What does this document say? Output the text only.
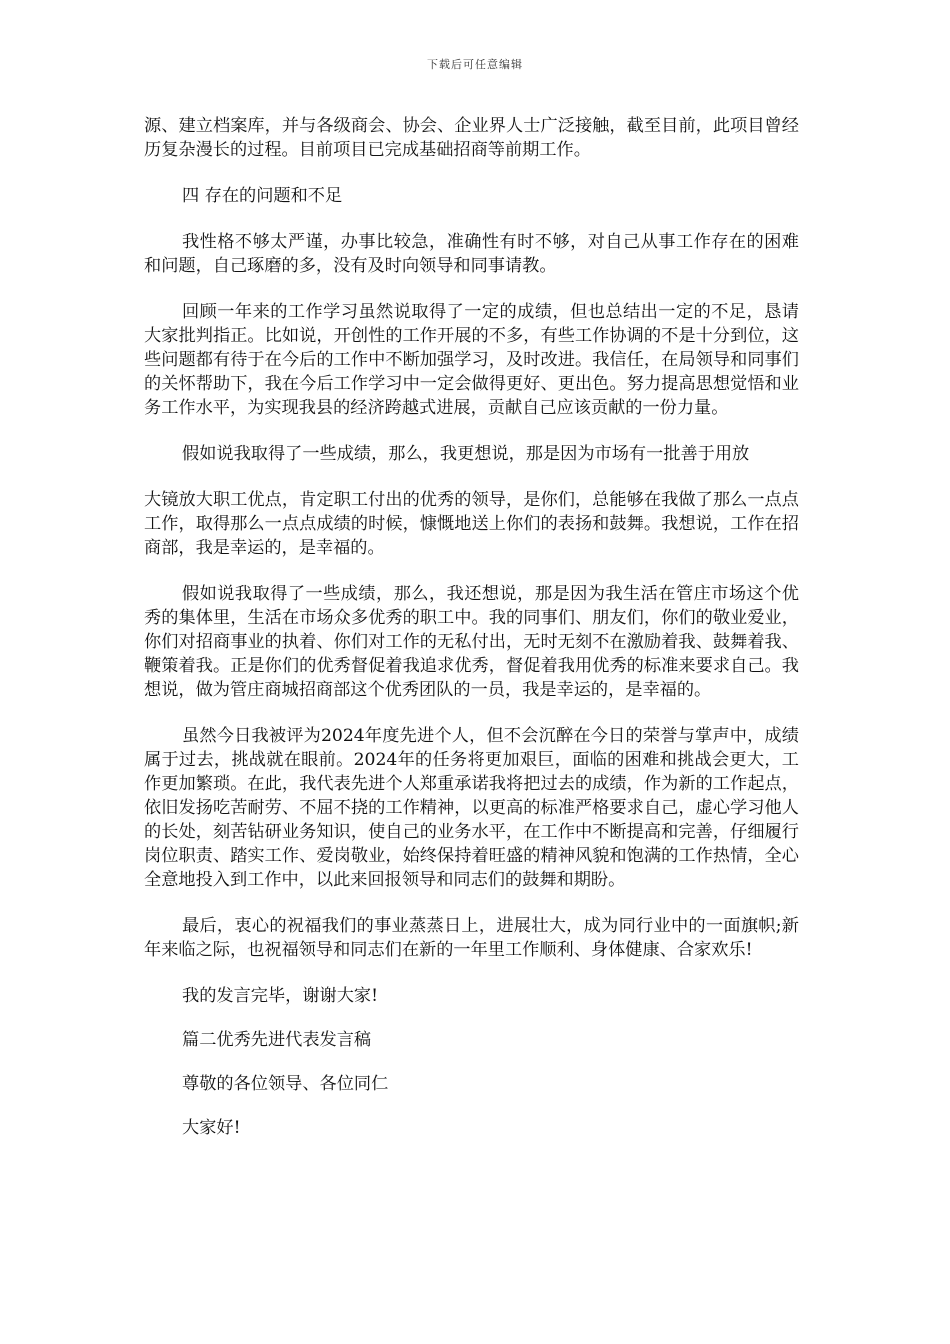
下载后可任意编辑

源、建立档案库，并与各级商会、协会、企业界人士广泛接触，截至目前，此项目曾经历复杂漫长的过程。目前项目已完成基础招商等前期工作。

四 存在的问题和不足

我性格不够太严谨，办事比较急，准确性有时不够，对自己从事工作存在的困难和问题，自己琢磨的多，没有及时向领导和同事请教。

回顾一年来的工作学习虽然说取得了一定的成绩，但也总结出一定的不足，恳请大家批判指正。比如说，开创性的工作开展的不多，有些工作协调的不是十分到位，这些问题都有待于在今后的工作中不断加强学习，及时改进。我信任，在局领导和同事们的关怀帮助下，我在今后工作学习中一定会做得更好、更出色。努力提高思想觉悟和业务工作水平，为实现我县的经济跨越式进展，贡献自己应该贡献的一份力量。

假如说我取得了一些成绩，那么，我更想说，那是因为市场有一批善于用放

大镜放大职工优点，肯定职工付出的优秀的领导，是你们，总能够在我做了那么一点点工作，取得那么一点点成绩的时候，慷慨地送上你们的表扬和鼓舞。我想说，工作在招商部，我是幸运的，是幸福的。

假如说我取得了一些成绩，那么，我还想说，那是因为我生活在管庄市场这个优秀的集体里，生活在市场众多优秀的职工中。我的同事们、朋友们，你们的敬业爱业，你们对招商事业的执着、你们对工作的无私付出，无时无刻不在激励着我、鼓舞着我、鞭策着我。正是你们的优秀督促着我追求优秀，督促着我用优秀的标准来要求自己。我想说，做为管庄商城招商部这个优秀团队的一员，我是幸运的，是幸福的。

虽然今日我被评为2024年度先进个人，但不会沉醉在今日的荣誉与掌声中，成绩属于过去，挑战就在眼前。2024年的任务将更加艰巨，面临的困难和挑战会更大，工作更加繁琐。在此，我代表先进个人郑重承诺我将把过去的成绩，作为新的工作起点，依旧发扬吃苦耐劳、不屈不挠的工作精神，以更高的标准严格要求自己，虚心学习他人的长处，刻苦钻研业务知识，使自己的业务水平，在工作中不断提高和完善，仔细履行岗位职责、踏实工作、爱岗敬业，始终保持着旺盛的精神风貌和饱满的工作热情，全心全意地投入到工作中，以此来回报领导和同志们的鼓舞和期盼。

最后，衷心的祝福我们的事业蒸蒸日上，进展壮大，成为同行业中的一面旗帜;新年来临之际，也祝福领导和同志们在新的一年里工作顺利、身体健康、合家欢乐!

我的发言完毕，谢谢大家!

篇二优秀先进代表发言稿

尊敬的各位领导、各位同仁

大家好!
